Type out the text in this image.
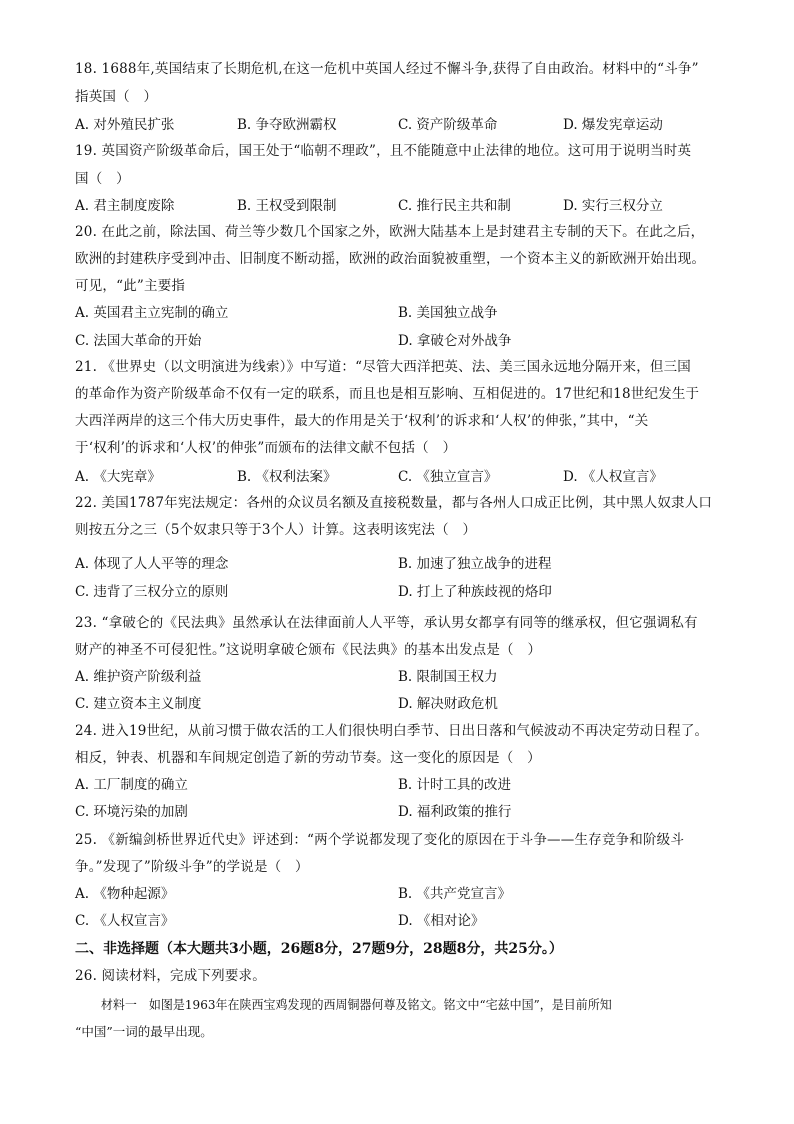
18. 1688年,英国结束了长期危机,在这一危机中英国人经过不懈斗争,获得了自由政治。材料中的“斗争”
指英国（　）
A. 对外殖民扩张	B. 争夺欧洲霸权	C. 资产阶级革命	D. 爆发宪章运动
19. 英国资产阶级革命后，国王处于“临朝不理政”，且不能随意中止法律的地位。这可用于说明当时英
国（　）
A. 君主制度废除	B. 王权受到限制	C. 推行民主共和制	D. 实行三权分立
20. 在此之前，除法国、荷兰等少数几个国家之外，欧洲大陆基本上是封建君主专制的天下。在此之后，
欧洲的封建秩序受到冲击、旧制度不断动摇，欧洲的政治面貌被重塑，一个资本主义的新欧洲开始出现。
可见，“此”主要指
A. 英国君主立宪制的确立	B. 美国独立战争
C. 法国大革命的开始	D. 拿破仑对外战争
21. 《世界史（以文明演进为线索）》中写道：“尽管大西洋把英、法、美三国永远地分隔开来，但三国
的革命作为资产阶级革命不仅有一定的联系，而且也是相互影响、互相促进的。17世纪和18世纪发生于
大西洋两岸的这三个伟大历史事件，最大的作用是关于‘权利’的诉求和‘人权’的伸张，”其中，“关
于‘权利’的诉求和‘人权’的伸张”而颁布的法律文献不包括（　）
A. 《大宪章》	B. 《权利法案》	C. 《独立宣言》	D. 《人权宣言》
22. 美国1787年宪法规定：各州的众议员名额及直接税数量，都与各州人口成正比例，其中黑人奴隶人口
则按五分之三（5个奴隶只等于3个人）计算。这表明该宪法（　）
A. 体现了人人平等的理念	B. 加速了独立战争的进程
C. 违背了三权分立的原则	D. 打上了种族歧视的烙印
23. “拿破仑的《民法典》虽然承认在法律面前人人平等，承认男女都享有同等的继承权，但它强调私有
财产的神圣不可侵犯性。”这说明拿破仑颁布《民法典》的基本出发点是（　）
A. 维护资产阶级利益	B. 限制国王权力
C. 建立资本主义制度	D. 解决财政危机
24. 进入19世纪，从前习惯于做农活的工人们很快明白季节、日出日落和气候波动不再决定劳动日程了。
相反，钟表、机器和车间规定创造了新的劳动节奏。这一变化的原因是（　）
A. 工厂制度的确立	B. 计时工具的改进
C. 环境污染的加剧	D. 福利政策的推行
25. 《新编剑桥世界近代史》评述到：“两个学说都发现了变化的原因在于斗争——生存竞争和阶级斗
争。”发现了”阶级斗争”的学说是（　）
A. 《物种起源》	B. 《共产党宣言》
C. 《人权宣言》	D. 《相对论》
二、非选择题（本大题共3小题，26题8分，27题9分，28题8分，共25分。）
26. 阅读材料，完成下列要求。
材料一　如图是1963年在陕西宝鸡发现的西周铜器何尊及铭文。铭文中“宅兹中国”，是目前所知
“中国”一词的最早出现。
